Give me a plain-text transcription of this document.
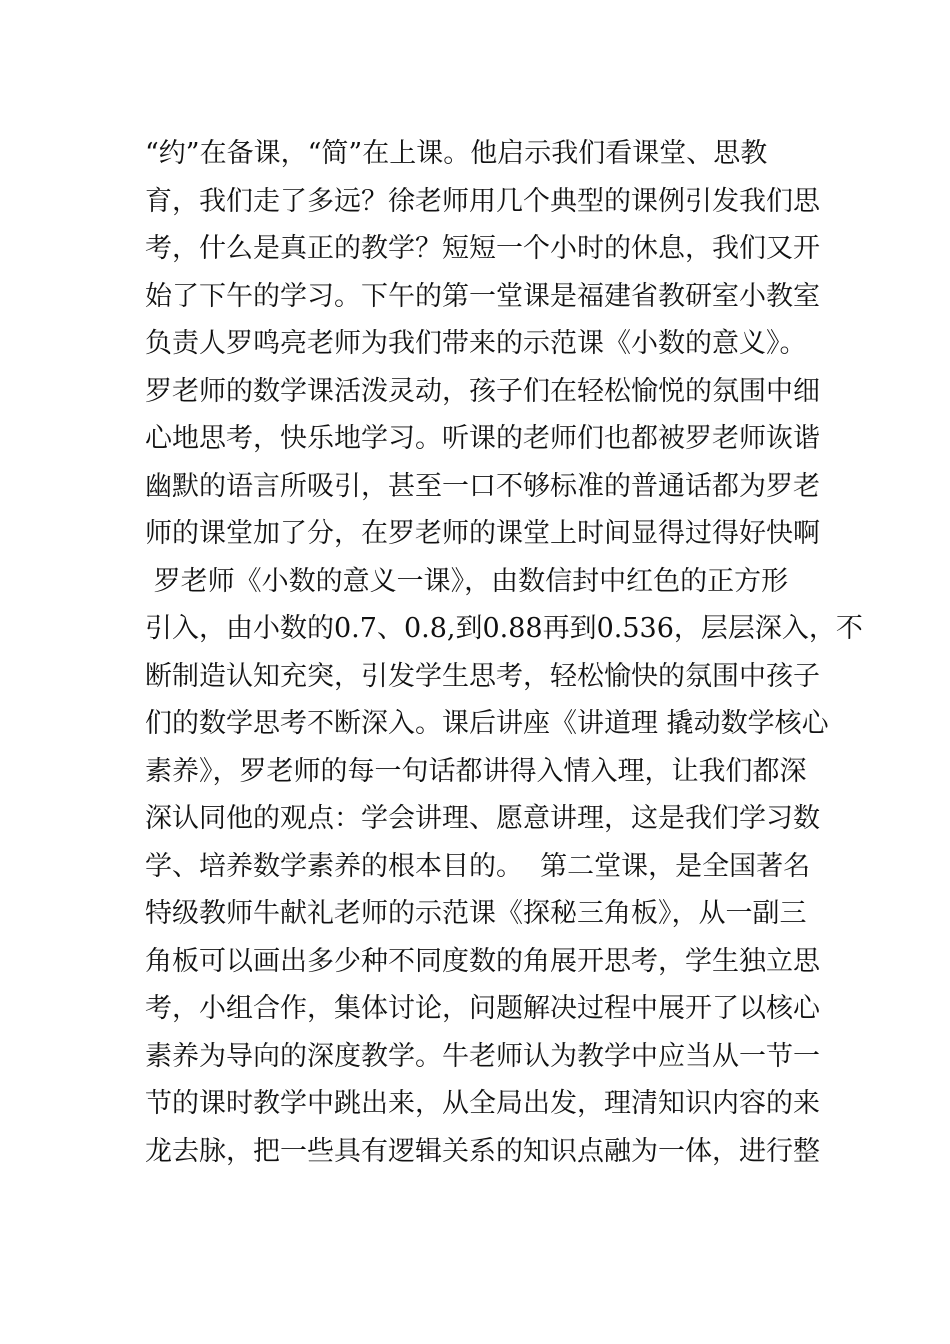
“约”在备课，“简”在上课。他启示我们看课堂、思教
育，我们走了多远？徐老师用几个典型的课例引发我们思
考，什么是真正的教学？短短一个小时的休息，我们又开
始了下午的学习。下午的第一堂课是福建省教研室小教室
负责人罗鸣亮老师为我们带来的示范课《小数的意义》。
罗老师的数学课活泼灵动，孩子们在轻松愉悦的氛围中细
心地思考，快乐地学习。听课的老师们也都被罗老师诙谐
幽默的语言所吸引，甚至一口不够标准的普通话都为罗老
师的课堂加了分，在罗老师的课堂上时间显得过得好快啊
罗老师《小数的意义一课》，由数信封中红色的正方形
引入，由小数的0.7、0.8,到0.88再到0.536，层层深入，不
断制造认知充突，引发学生思考，轻松愉快的氛围中孩子
们的数学思考不断深入。课后讲座《讲道理 撬动数学核心
素养》，罗老师的每一句话都讲得入情入理，让我们都深
深认同他的观点：学会讲理、愿意讲理，这是我们学习数
学、培养数学素养的根本目的。  第二堂课，是全国著名
特级教师牛献礼老师的示范课《探秘三角板》，从一副三
角板可以画出多少种不同度数的角展开思考，学生独立思
考，小组合作，集体讨论，问题解决过程中展开了以核心
素养为导向的深度教学。牛老师认为教学中应当从一节一
节的课时教学中跳出来，从全局出发，理清知识内容的来
龙去脉，把一些具有逻辑关系的知识点融为一体，进行整
